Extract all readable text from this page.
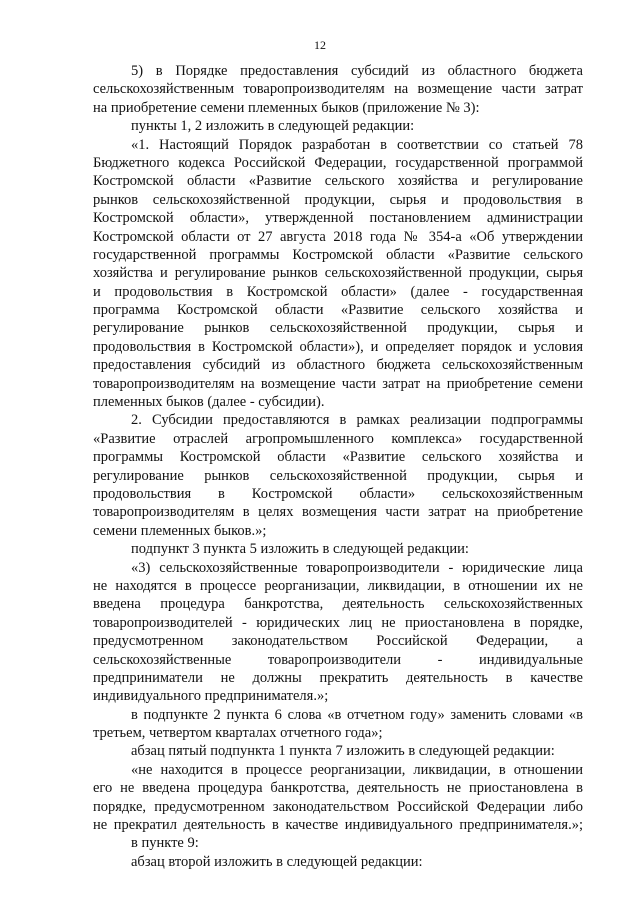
12
5) в Порядке предоставления субсидий из областного бюджета
сельскохозяйственным товаропроизводителям на возмещение части затрат
на приобретение семени племенных быков (приложение № 3):
пункты 1, 2 изложить в следующей редакции:
«1. Настоящий Порядок разработан в соответствии со статьей 78
Бюджетного кодекса Российской Федерации, государственной программой
Костромской области «Развитие сельского хозяйства и регулирование
рынков сельскохозяйственной продукции, сырья и продовольствия в
Костромской области», утвержденной постановлением администрации
Костромской области от 27 августа 2018 года № 354-а «Об утверждении
государственной программы Костромской области «Развитие сельского
хозяйства и регулирование рынков сельскохозяйственной продукции, сырья
и продовольствия в Костромской области» (далее - государственная
программа Костромской области «Развитие сельского хозяйства и
регулирование рынков сельскохозяйственной продукции, сырья и
продовольствия в Костромской области»), и определяет порядок и условия
предоставления субсидий из областного бюджета сельскохозяйственным
товаропроизводителям на возмещение части затрат на приобретение семени
племенных быков (далее - субсидии).
2. Субсидии предоставляются в рамках реализации подпрограммы
«Развитие отраслей агропромышленного комплекса» государственной
программы Костромской области «Развитие сельского хозяйства и
регулирование рынков сельскохозяйственной продукции, сырья и
продовольствия в Костромской области» сельскохозяйственным
товаропроизводителям в целях возмещения части затрат на приобретение
семени племенных быков.»;
подпункт 3 пункта 5 изложить в следующей редакции:
«3) сельскохозяйственные товаропроизводители - юридические лица
не находятся в процессе реорганизации, ликвидации, в отношении их не
введена процедура банкротства, деятельность сельскохозяйственных
товаропроизводителей - юридических лиц не приостановлена в порядке,
предусмотренном законодательством Российской Федерации, а
сельскохозяйственные товаропроизводители - индивидуальные
предприниматели не должны прекратить деятельность в качестве
индивидуального предпринимателя.»;
в подпункте 2 пункта 6 слова «в отчетном году» заменить словами «в
третьем, четвертом кварталах отчетного года»;
абзац пятый подпункта 1 пункта 7 изложить в следующей редакции:
«не находится в процессе реорганизации, ликвидации, в отношении
его не введена процедура банкротства, деятельность не приостановлена в
порядке, предусмотренном законодательством Российской Федерации либо
не прекратил деятельность в качестве индивидуального предпринимателя.»;
в пункте 9:
абзац второй изложить в следующей редакции:
